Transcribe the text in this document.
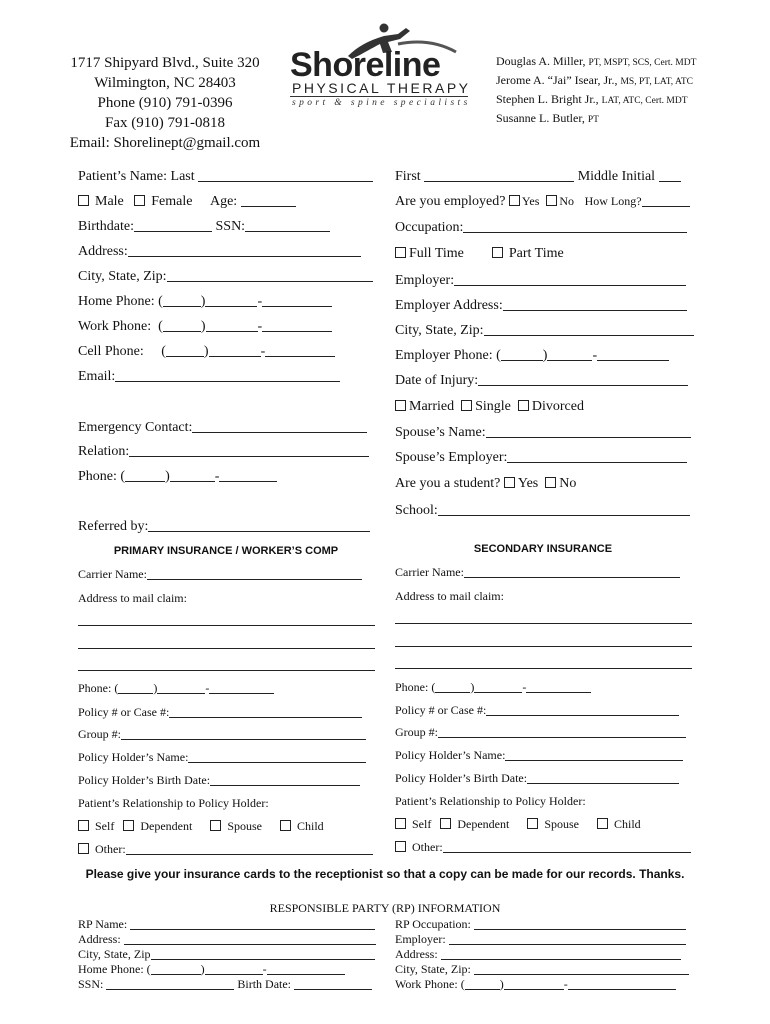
1717 Shipyard Blvd., Suite 320
Wilmington, NC 28403
Phone (910) 791-0396
Fax (910) 791-0818
Email: Shorelinept@gmail.com
Shoreline
PHYSICAL THERAPY
sport & spine specialists
Douglas A. Miller, PT, MSPT, SCS, Cert. MDT
Jerome A. “Jai” Isear, Jr., MS, PT, LAT, ATC
Stephen L. Bright Jr., LAT, ATC, Cert. MDT
Susanne L. Butler, PT
Patient’s Name: Last
Male Female Age:
Birthdate:	SSN:
Address:
City, State, Zip:
Home Phone: (	)	-
Work Phone:  (	)	-
Cell Phone:     (	)	-
Email:
Emergency Contact:
Relation:
Phone: (	)	-
Referred by:
First	Middle Initial
Are you employed? Yes No How Long?
Occupation:
Full Time	Part Time
Employer:
Employer Address:
City, State, Zip:
Employer Phone: (	)	-
Date of Injury:
Married Single Divorced
Spouse’s Name:
Spouse’s Employer:
Are you a student? Yes No
School:
PRIMARY INSURANCE / WORKER’S COMP	SECONDARY INSURANCE
Carrier Name:	Carrier Name:
Address to mail claim:	Address to mail claim:
Phone: (	)	-	Phone: (	)	-
Policy # or Case #:	Policy # or Case #:
Group #:	Group #:
Policy Holder’s Name:	Policy Holder’s Name:
Policy Holder’s Birth Date:	Policy Holder’s Birth Date:
Patient’s Relationship to Policy Holder:	Patient’s Relationship to Policy Holder:
Self Dependent	Spouse	Child	Self Dependent	Spouse	Child
Other:	Other:
Please give your insurance cards to the receptionist so that a copy can be made for our records. Thanks.
RESPONSIBLE PARTY (RP) INFORMATION
RP Name:
Address:
City, State, Zip
Home Phone: (	)	-
SSN:	Birth Date:
RP Occupation:
Employer:
Address:
City, State, Zip:
Work Phone: (	)	-
